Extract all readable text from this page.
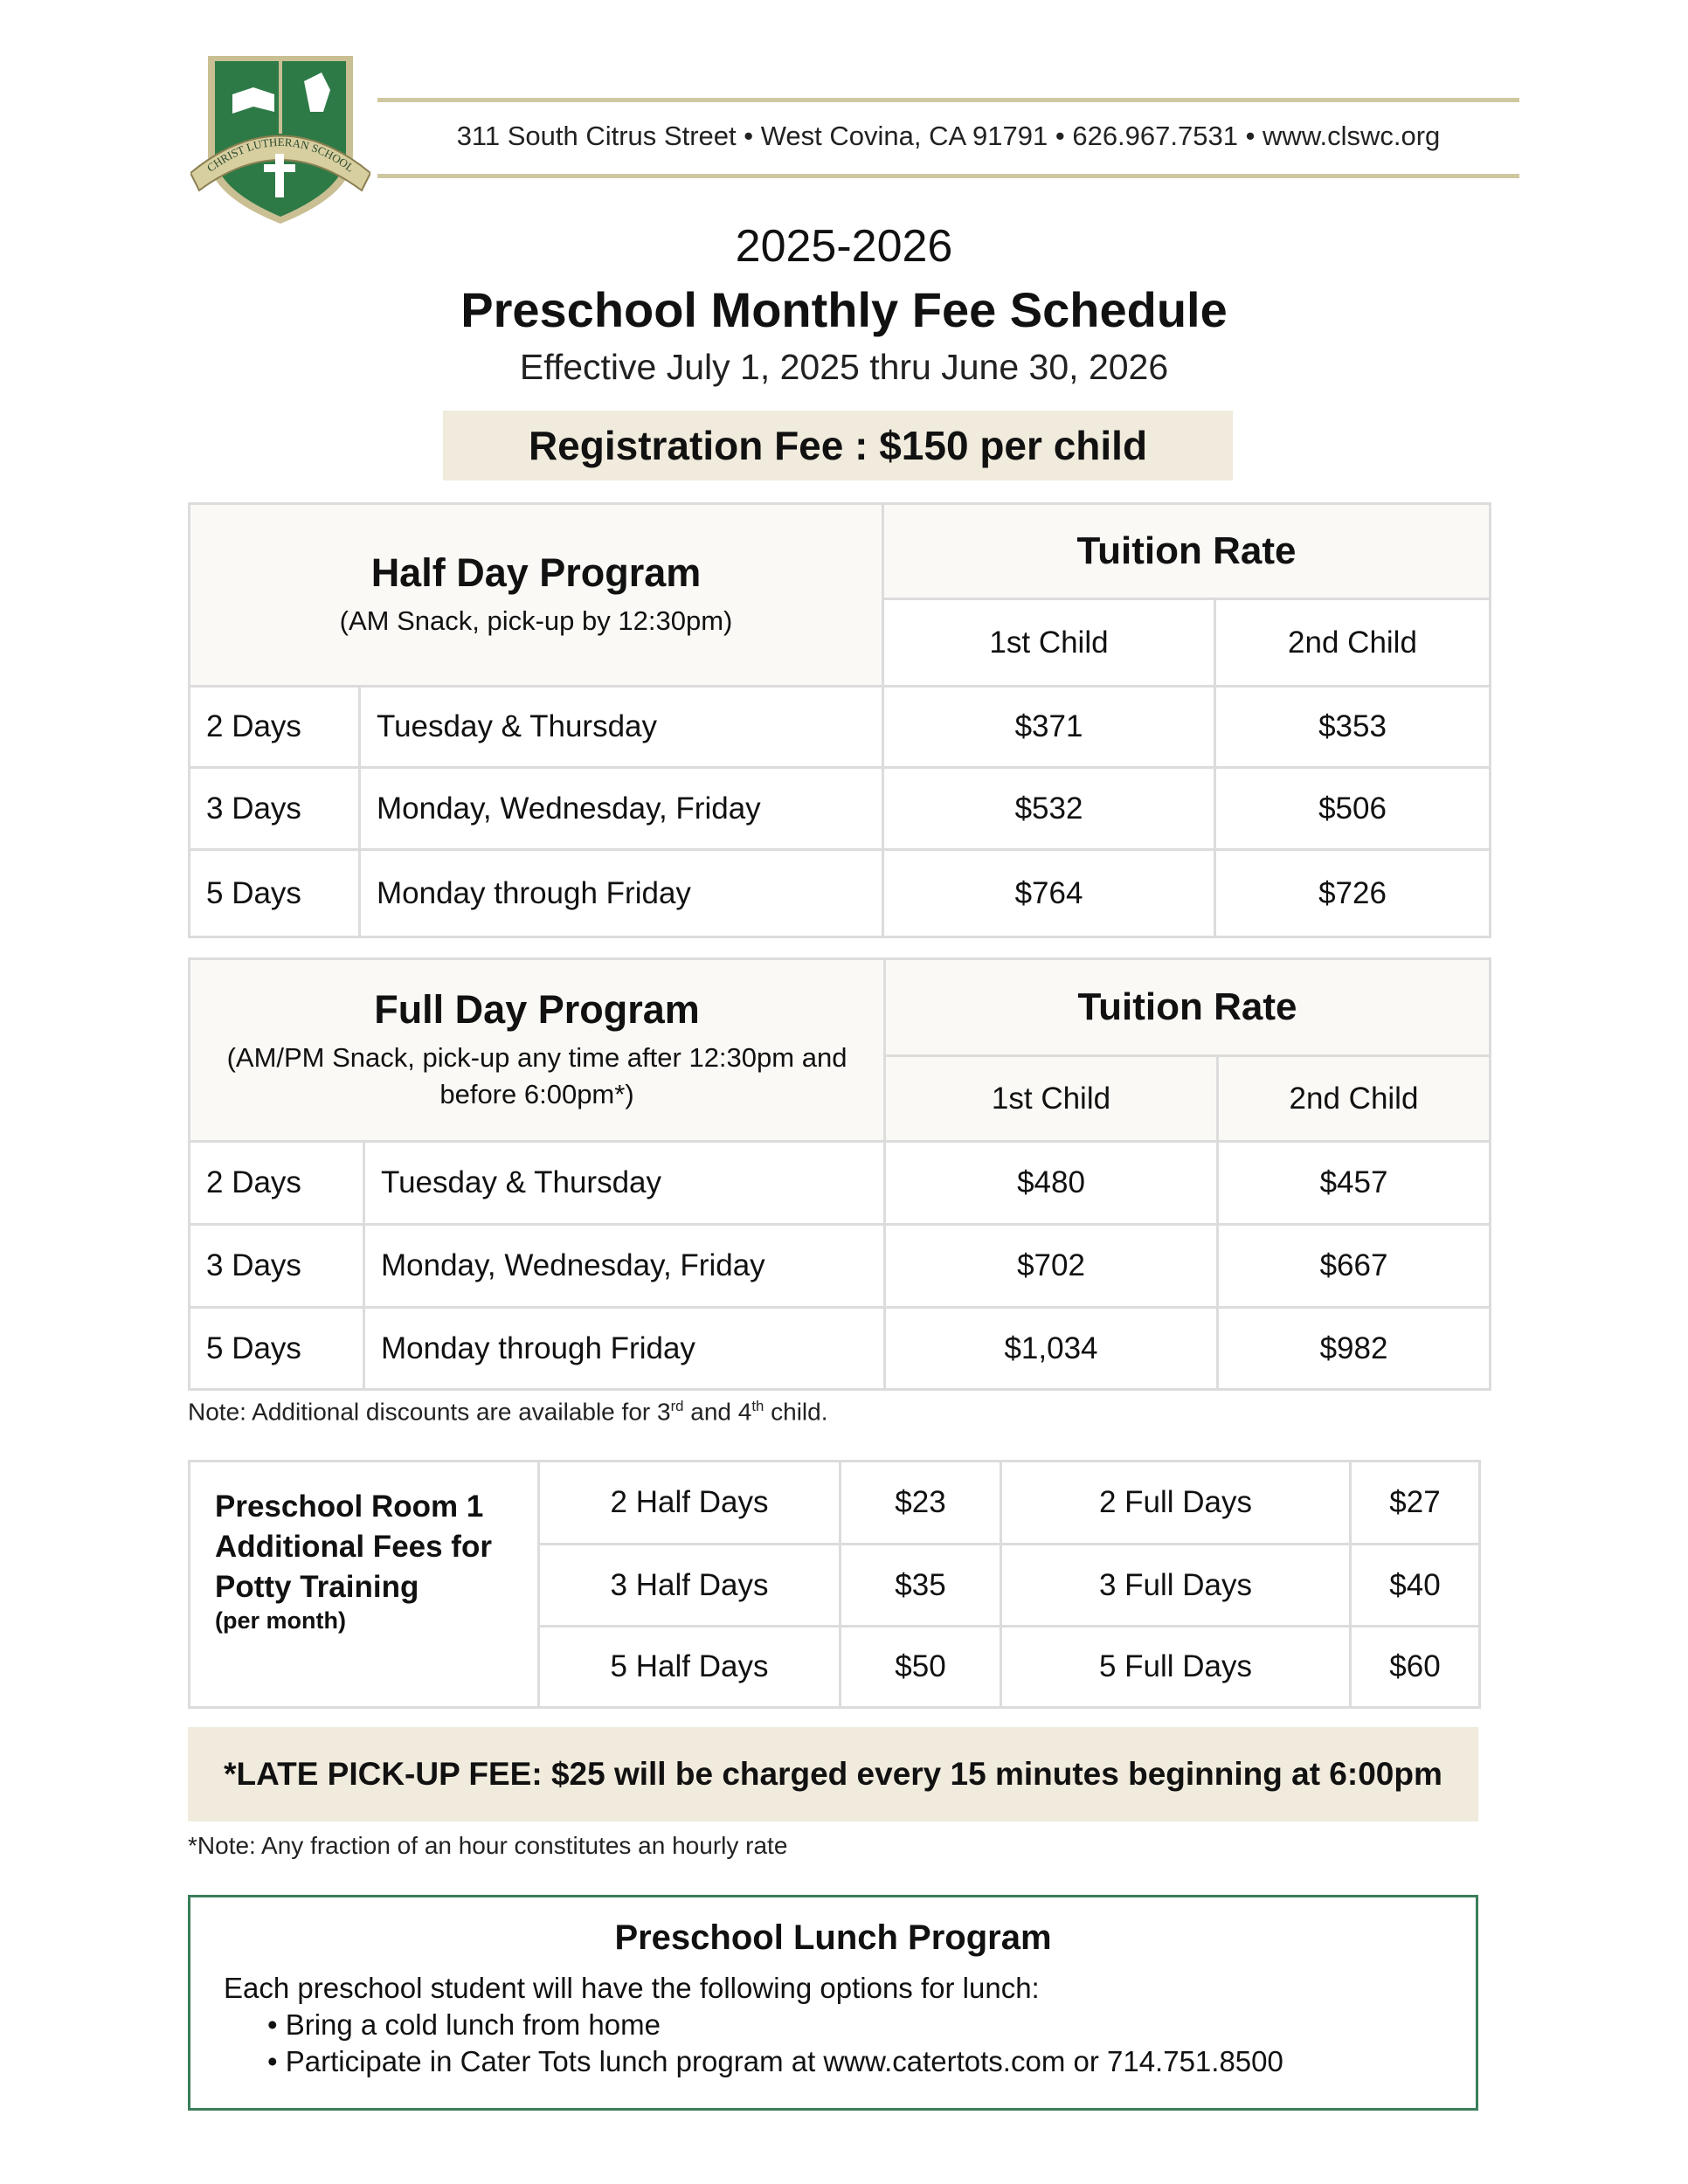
CHRIST LUTHERAN SCHOOL
311 South Citrus Street • West Covina, CA 91791 • 626.967.7531 • www.clswc.org
2025-2026
Preschool Monthly Fee Schedule
Effective July 1, 2025 thru June 30, 2026
Registration Fee : $150 per child
Half Day Program
(AM Snack, pick-up by 12:30pm)		Tuition Rate	
		1st Child	2nd Child
2 Days	Tuesday & Thursday	$371	$353
3 Days	Monday, Wednesday, Friday	$532	$506
5 Days	Monday through Friday	$764	$726
Full Day Program
(AM/PM Snack, pick-up any time after 12:30pm and before 6:00pm*)		Tuition Rate	
		1st Child	2nd Child
2 Days	Tuesday & Thursday	$480	$457
3 Days	Monday, Wednesday, Friday	$702	$667
5 Days	Monday through Friday	$1,034	$982
Note: Additional discounts are available for 3rd and 4th child.
Preschool Room 1 Additional Fees for Potty Training
(per month)	2 Half Days	$23	2 Full Days	$27
	3 Half Days	$35	3 Full Days	$40
	5 Half Days	$50	5 Full Days	$60
*LATE PICK-UP FEE: $25 will be charged every 15 minutes beginning at 6:00pm
*Note: Any fraction of an hour constitutes an hourly rate
Preschool Lunch Program
Each preschool student will have the following options for lunch:
• Bring a cold lunch from home
• Participate in Cater Tots lunch program at www.catertots.com or 714.751.8500
